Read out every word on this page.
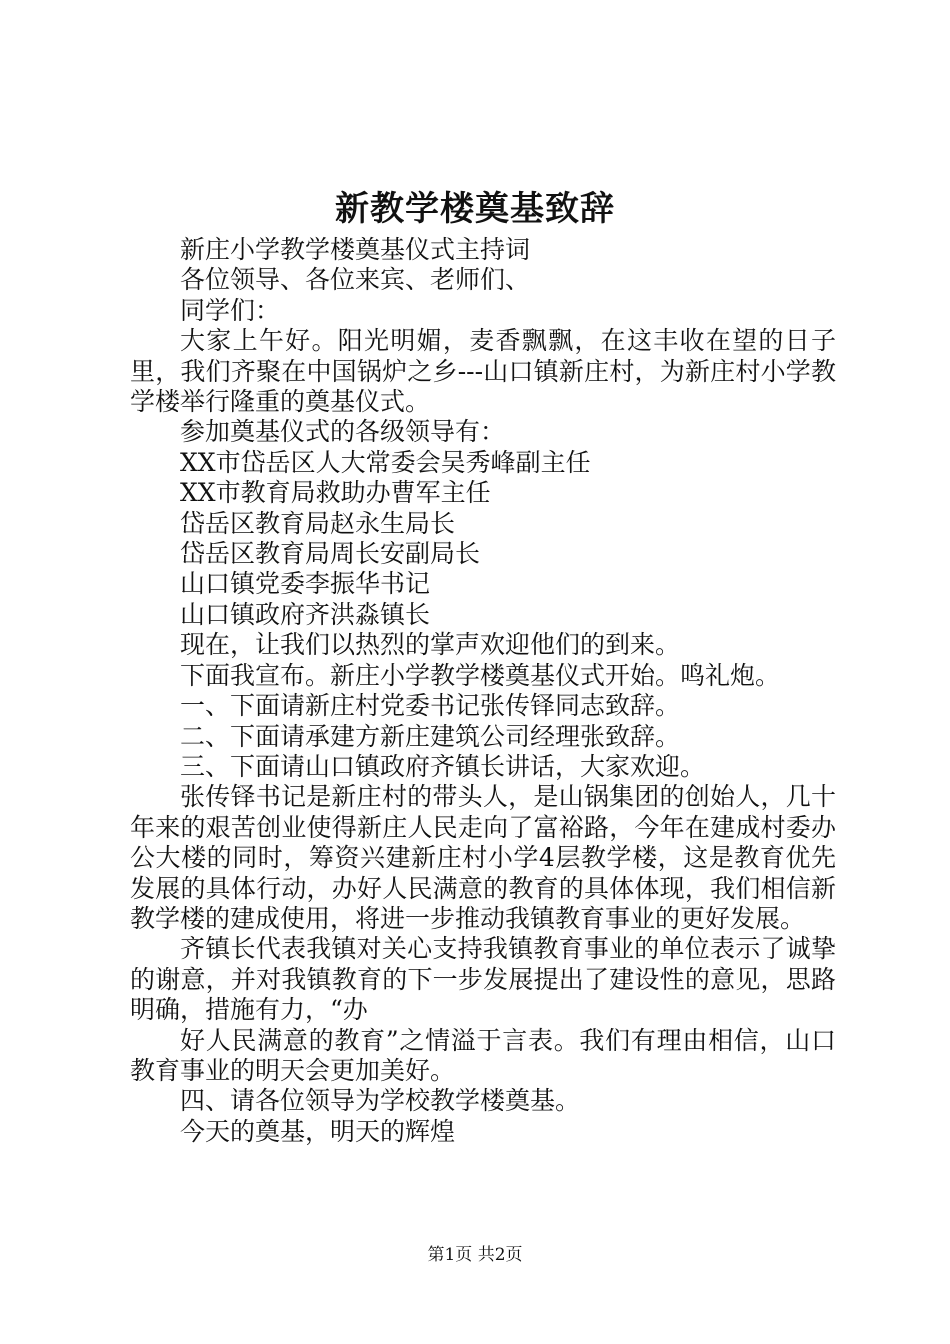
新教学楼奠基致辞

新庄小学教学楼奠基仪式主持词

各位领导、各位来宾、老师们、

同学们：

大家上午好。阳光明媚，麦香飘飘，在这丰收在望的日子里，我们齐聚在中国锅炉之乡---山口镇新庄村，为新庄村小学教学楼举行隆重的奠基仪式。

参加奠基仪式的各级领导有：

XX市岱岳区人大常委会吴秀峰副主任

XX市教育局救助办曹军主任

岱岳区教育局赵永生局长

岱岳区教育局周长安副局长

山口镇党委李振华书记

山口镇政府齐洪淼镇长

现在，让我们以热烈的掌声欢迎他们的到来。

下面我宣布。新庄小学教学楼奠基仪式开始。鸣礼炮。

一、下面请新庄村党委书记张传铎同志致辞。

二、下面请承建方新庄建筑公司经理张致辞。

三、下面请山口镇政府齐镇长讲话，大家欢迎。

张传铎书记是新庄村的带头人，是山锅集团的创始人，几十年来的艰苦创业使得新庄人民走向了富裕路，今年在建成村委办公大楼的同时，筹资兴建新庄村小学4层教学楼，这是教育优先发展的具体行动，办好人民满意的教育的具体体现，我们相信新教学楼的建成使用，将进一步推动我镇教育事业的更好发展。

齐镇长代表我镇对关心支持我镇教育事业的单位表示了诚挚的谢意，并对我镇教育的下一步发展提出了建设性的意见，思路明确，措施有力，“办

好人民满意的教育”之情溢于言表。我们有理由相信，山口教育事业的明天会更加美好。

四、请各位领导为学校教学楼奠基。

今天的奠基，明天的辉煌

第1页 共2页
